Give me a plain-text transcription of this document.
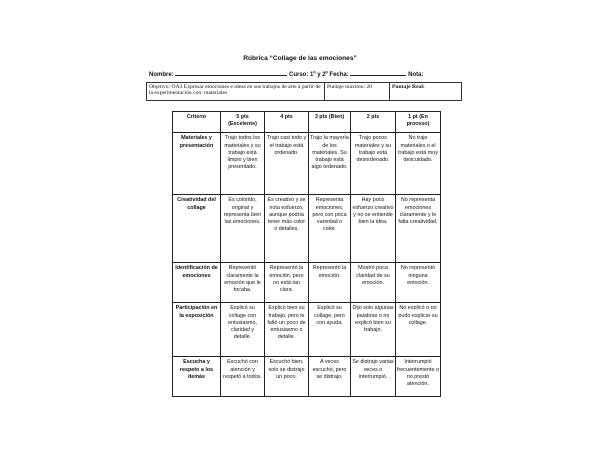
Rúbrica “Collage de las emociones”
Nombre:	Curso: 1º y 2º Fecha:	Nota:
Objetivo: OA3 Expresar emociones e ideas en sus trabajos de arte a partir de la experimentación con: materiales
Puntaje máximo: 20	Puntaje Real:
Criterio	5 pts (Excelente)	4 pts	3 pts (Bien)	2 pts	1 pt (En proceso)
Materiales y presentación	Trajo todos los materiales y su trabajo está limpio y bien presentado.	Trajo casi todo y el trabajo está ordenado.	Trajo la mayoría de los materiales. Su trabajo está algo ordenado.	Trajo pocos materiales y su trabajo está desordenado.	No trajo materiales o el trabajo está muy descuidado.
Creatividad del collage	Es colorido, original y representa bien las emociones.	Es creativo y se nota esfuerzo, aunque podría tener más color o detalles.	Representa emociones, pero con poca variedad o color.	Hay poco esfuerzo creativo y no se entiende bien la idea.	No representa emociones claramente y le falta creatividad.
Identificación de emociones	Representó claramente la emoción que le tocaba.	Representó la emoción, pero no está tan clara.	Representó la emoción.	Mostró poca claridad de su emoción.	No representó ninguna emoción.
Participación en la exposición	Explicó su collage con entusiasmo, claridad y detalle.	Explicó bien su trabajo, pero le faltó un poco de entusiasmo o detalle.	Explicó su collage, pero con ayuda.	Dijo solo algunas palabras o no explicó bien su trabajo.	No explicó o no pudo explicar su collage.
Escucha y respeto a los demás	Escuchó con atención y respetó a todos.	Escuchó bien, solo se distrajo un poco.	A veces escuchó, pero se distrajo.	Se distrajo varias veces o interrumpió.	Interrumpió frecuentemente o no prestó atención.
